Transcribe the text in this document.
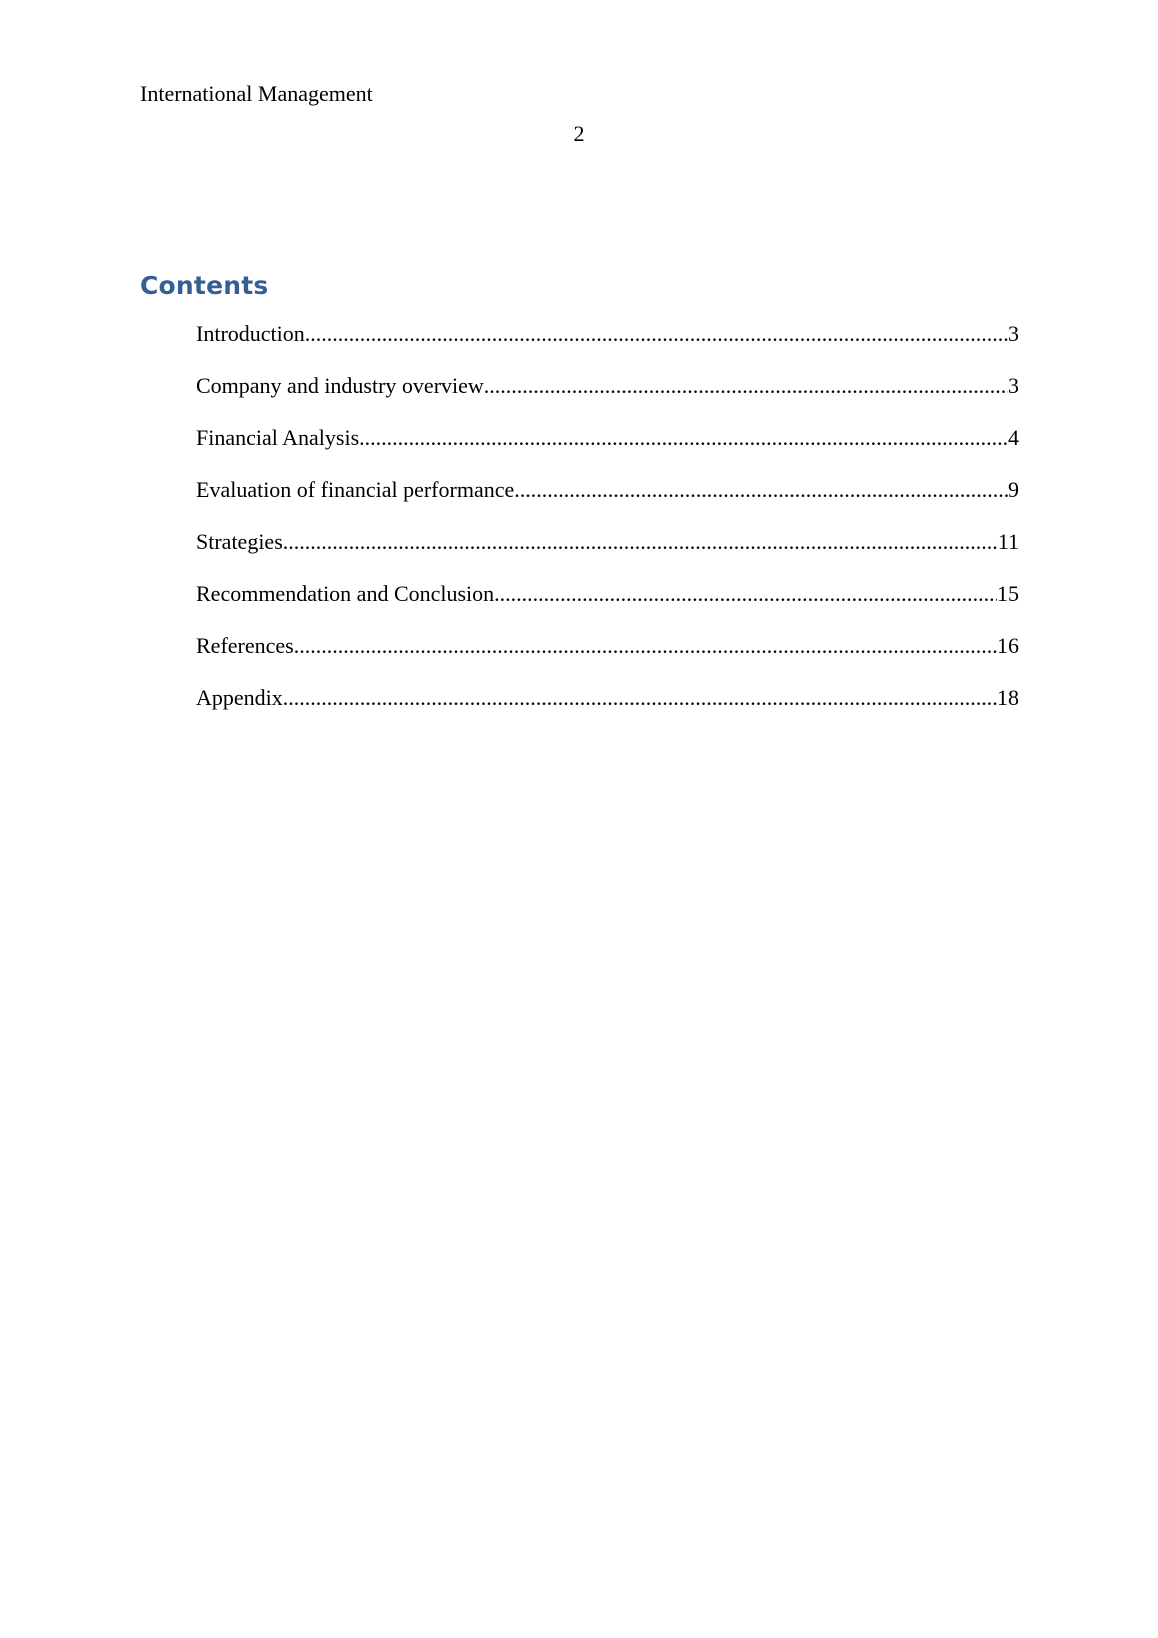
International Management
2
Contents
Introduction .....	3
Company and industry overview .....	3
Financial Analysis .....	4
Evaluation of financial performance .....	9
Strategies .....	11
Recommendation and Conclusion .....	15
References .....	16
Appendix .....	18
